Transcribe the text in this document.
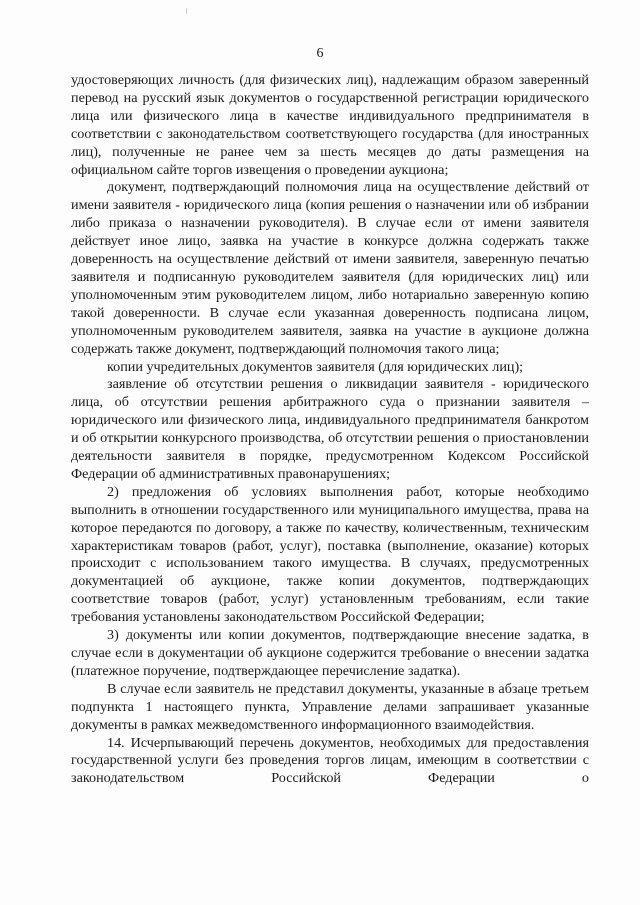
6

удостоверяющих личность (для физических лиц), надлежащим образом заверенный перевод на русский язык документов о государственной регистрации юридического лица или физического лица в качестве индивидуального предпринимателя в соответствии с законодательством соответствующего государства (для иностранных лиц), полученные не ранее чем за шесть месяцев до даты размещения на официальном сайте торгов извещения о проведении аукциона;

документ, подтверждающий полномочия лица на осуществление действий от имени заявителя - юридического лица (копия решения о назначении или об избрании либо приказа о назначении руководителя). В случае если от имени заявителя действует иное лицо, заявка на участие в конкурсе должна содержать также доверенность на осуществление действий от имени заявителя, заверенную печатью заявителя и подписанную руководителем заявителя (для юридических лиц) или уполномоченным этим руководителем лицом, либо нотариально заверенную копию такой доверенности. В случае если указанная доверенность подписана лицом, уполномоченным руководителем заявителя, заявка на участие в аукционе должна содержать также документ, подтверждающий полномочия такого лица;

копии учредительных документов заявителя (для юридических лиц);

заявление об отсутствии решения о ликвидации заявителя - юридического лица, об отсутствии решения арбитражного суда о признании заявителя – юридического или физического лица, индивидуального предпринимателя банкротом и об открытии конкурсного производства, об отсутствии решения о приостановлении деятельности заявителя в порядке, предусмотренном Кодексом Российской Федерации об административных правонарушениях;

2) предложения об условиях выполнения работ, которые необходимо выполнить в отношении государственного или муниципального имущества, права на которое передаются по договору, а также по качеству, количественным, техническим характеристикам товаров (работ, услуг), поставка (выполнение, оказание) которых происходит с использованием такого имущества. В случаях, предусмотренных документацией об аукционе, также копии документов, подтверждающих соответствие товаров (работ, услуг) установленным требованиям, если такие требования установлены законодательством Российской Федерации;

3) документы или копии документов, подтверждающие внесение задатка, в случае если в документации об аукционе содержится требование о внесении задатка (платежное поручение, подтверждающее перечисление задатка).

В случае если заявитель не представил документы, указанные в абзаце третьем подпункта 1 настоящего пункта, Управление делами запрашивает указанные документы в рамках межведомственного информационного взаимодействия.

14. Исчерпывающий перечень документов, необходимых для предоставления государственной услуги без проведения торгов лицам, имеющим в соответствии с законодательством Российской Федерации о
